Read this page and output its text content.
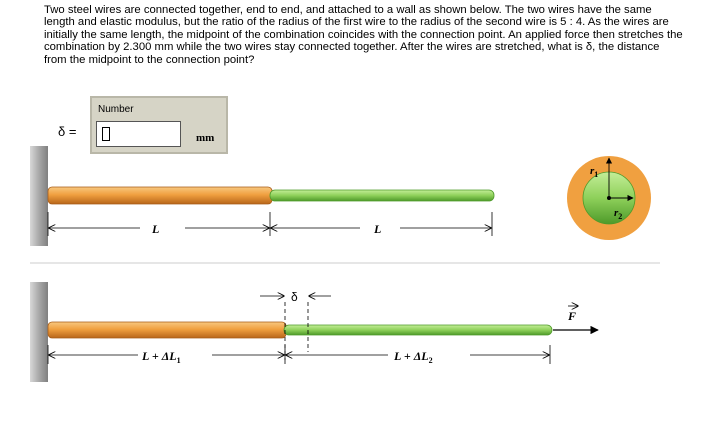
Two steel wires are connected together, end to end, and attached to a wall as shown below. The two wires have the same length and elastic modulus, but the ratio of the radius of the first wire to the radius of the second wire is 5 : 4. As the wires are initially the same length, the midpoint of the combination coincides with the connection point. An applied force then stretches the combination by 2.300 mm while the two wires stay connected together. After the wires are stretched, what is δ, the distance from the midpoint to the connection point?

δ =
Number
mm
L	L
$r_1$
$r_2$
δ
F
$L + \Delta L_1$	$L + \Delta L_2$
